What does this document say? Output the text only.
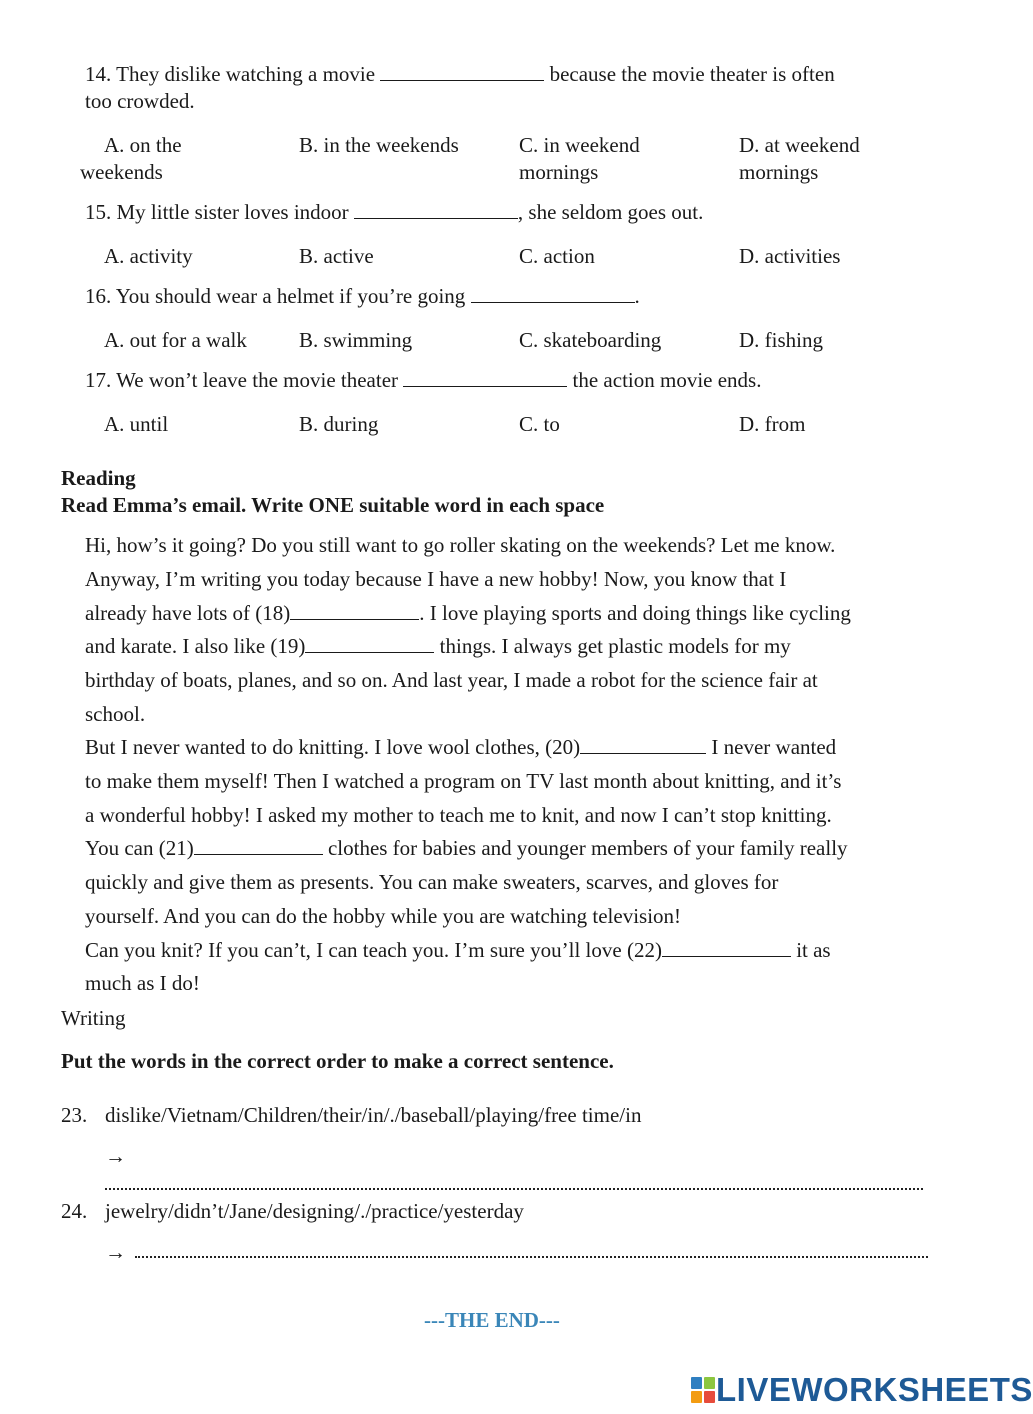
14. They dislike watching a movie	because the movie theater is often
too crowded.
A. on the	B. in the weekends	C. in weekend	D. at weekend
weekends	mornings	mornings
15. My little sister loves indoor	, she seldom goes out.
A. activity	B. active	C. action	D. activities
16. You should wear a helmet if you’re going	.
A. out for a walk B. swimming	C. skateboarding	D. fishing
17. We won’t leave the movie theater	the action movie ends.
A. until	B. during	C. to	D. from
Reading
Read Emma’s email. Write ONE suitable word in each space
Hi, how’s it going? Do you still want to go roller skating on the weekends? Let me know.
Anyway, I’m writing you today because I have a new hobby! Now, you know that I
already have lots of (18)	. I love playing sports and doing things like cycling
and karate. I also like (19)	things. I always get plastic models for my
birthday of boats, planes, and so on. And last year, I made a robot for the science fair at
school.
But I never wanted to do knitting. I love wool clothes, (20)	I never wanted
to make them myself! Then I watched a program on TV last month about knitting, and it’s
a wonderful hobby! I asked my mother to teach me to knit, and now I can’t stop knitting.
You can (21)	clothes for babies and younger members of your family really
quickly and give them as presents. You can make sweaters, scarves, and gloves for
yourself. And you can do the hobby while you are watching television!
Can you knit? If you can’t, I can teach you. I’m sure you’ll love (22)	it as
much as I do!
Writing
Put the words in the correct order to make a correct sentence.
23. dislike/Vietnam/Children/their/in/./baseball/playing/free time/in
→
24. jewelry/didn’t/Jane/designing/./practice/yesterday
→
---THE END---
LIVEWORKSHEETS
